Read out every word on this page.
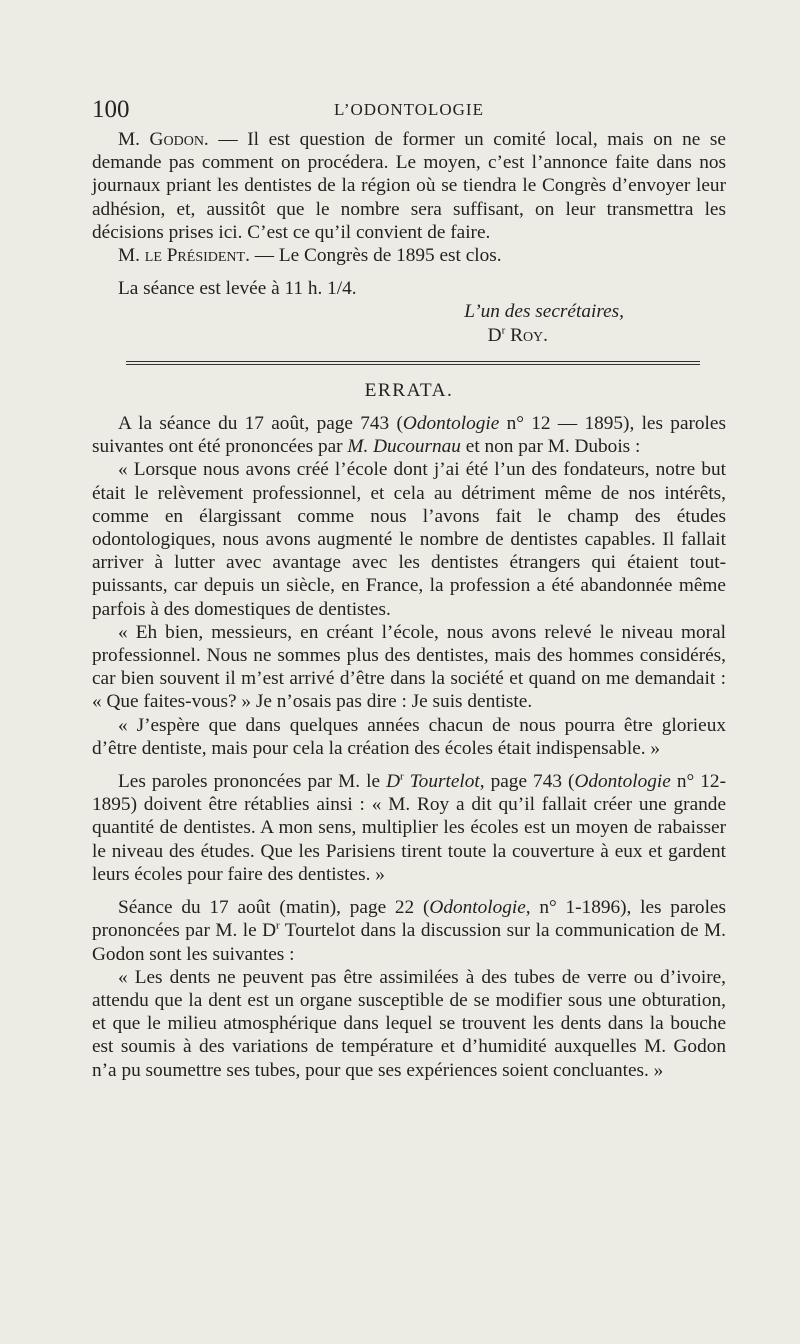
100	L’ODONTOLOGIE

M. Godon. — Il est question de former un comité local, mais on ne se demande pas comment on procédera. Le moyen, c’est l’annonce faite dans nos journaux priant les dentistes de la région où se tiendra le Congrès d’envoyer leur adhésion, et, aussitôt que le nombre sera suffisant, on leur transmettra les décisions prises ici. C’est ce qu’il convient de faire.

M. le Président. — Le Congrès de 1895 est clos.

La séance est levée à 11 h. 1/4.

L’un des secrétaires,

$D^r$ Roy.

ERRATA.

A la séance du 17 août, page 743 (Odontologie n° 12 — 1895), les paroles suivantes ont été prononcées par M. Ducournau et non par M. Dubois :

« Lorsque nous avons créé l’école dont j’ai été l’un des fondateurs, notre but était le relèvement professionnel, et cela au détriment même de nos intérêts, comme en élargissant comme nous l’avons fait le champ des études odontologiques, nous avons augmenté le nombre de dentistes capables. Il fallait arriver à lutter avec avantage avec les dentistes étrangers qui étaient tout-puissants, car depuis un siècle, en France, la profession a été abandonnée même parfois à des domestiques de dentistes.

« Eh bien, messieurs, en créant l’école, nous avons relevé le niveau moral professionnel. Nous ne sommes plus des dentistes, mais des hommes considérés, car bien souvent il m’est arrivé d’être dans la société et quand on me demandait : « Que faites-vous? » Je n’osais pas dire : Je suis dentiste.

« J’espère que dans quelques années chacun de nous pourra être glorieux d’être dentiste, mais pour cela la création des écoles était indispensable. »

Les paroles prononcées par M. le $D^r$ Tourtelot, page 743 (Odontologie n° 12-1895) doivent être rétablies ainsi : « M. Roy a dit qu’il fallait créer une grande quantité de dentistes. A mon sens, multiplier les écoles est un moyen de rabaisser le niveau des études. Que les Parisiens tirent toute la couverture à eux et gardent leurs écoles pour faire des dentistes. »

Séance du 17 août (matin), page 22 (Odontologie, n° 1-1896), les paroles prononcées par M. le $D^r$ Tourtelot dans la discussion sur la communication de M. Godon sont les suivantes :

« Les dents ne peuvent pas être assimilées à des tubes de verre ou d’ivoire, attendu que la dent est un organe susceptible de se modifier sous une obturation, et que le milieu atmosphérique dans lequel se trouvent les dents dans la bouche est soumis à des variations de température et d’humidité auxquelles M. Godon n’a pu soumettre ses tubes, pour que ses expériences soient concluantes. »
